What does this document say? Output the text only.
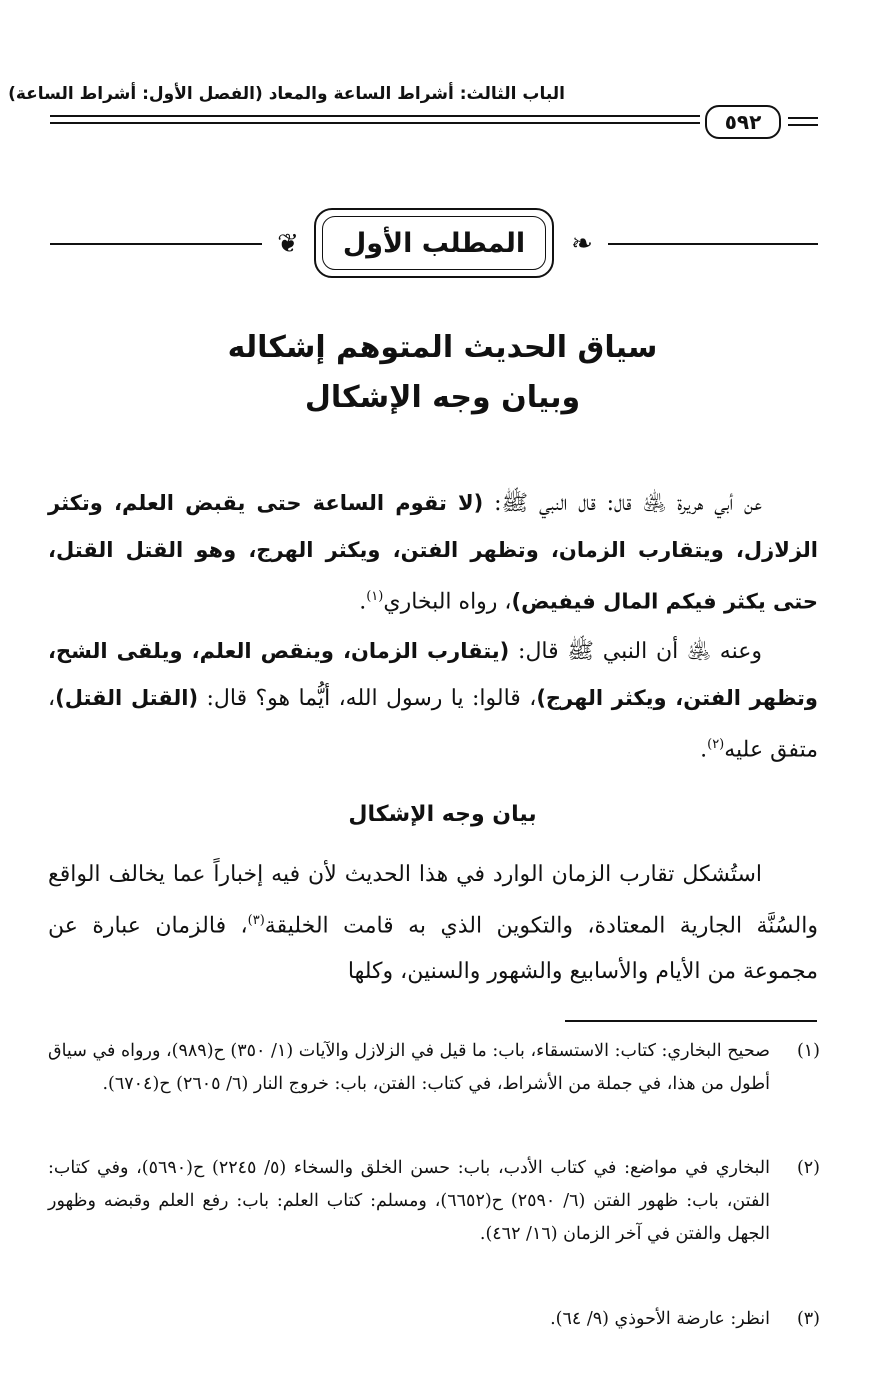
الباب الثالث: أشراط الساعة والمعاد (الفصل الأول: أشراط الساعة)
٥٩٢
❦	المطلب الأول	❧
سياق الحديث المتوهم إشكاله
وبيان وجه الإشكال
عن أبي هريرة ﵁ قال: قال النبي ﷺ: (لا تقوم الساعة حتى يقبض العلم، وتكثر الزلازل، ويتقارب الزمان، وتظهر الفتن، ويكثر الهرج، وهو القتل القتل، حتى يكثر فيكم المال فيفيض)، رواه البخاري$^{(١)}$.
وعنه ﵁ أن النبي ﷺ قال: (يتقارب الزمان، وينقص العلم، ويلقى الشح، وتظهر الفتن، ويكثر الهرج)، قالوا: يا رسول الله، أيُّما هو؟ قال: (القتل القتل)، متفق عليه$^{(٢)}$.
بيان وجه الإشكال
استُشكل تقارب الزمان الوارد في هذا الحديث لأن فيه إخباراً عما يخالف الواقع والسُنَّة الجارية المعتادة، والتكوين الذي به قامت الخليقة$^{(٣)}$، فالزمان عبارة عن مجموعة من الأيام والأسابيع والشهور والسنين، وكلها
(١)
صحيح البخاري: كتاب: الاستسقاء، باب: ما قيل في الزلازل والآيات (١/ ٣٥٠) ح(٩٨٩)، ورواه في سياق أطول من هذا، في جملة من الأشراط، في كتاب: الفتن، باب: خروج النار (٦/ ٢٦٠٥) ح(٦٧٠٤).
(٢)
البخاري في مواضع: في كتاب الأدب، باب: حسن الخلق والسخاء (٥/ ٢٢٤٥) ح(٥٦٩٠)، وفي كتاب: الفتن، باب: ظهور الفتن (٦/ ٢٥٩٠) ح(٦٦٥٢)، ومسلم: كتاب العلم: باب: رفع العلم وقبضه وظهور الجهل والفتن في آخر الزمان (١٦/ ٤٦٢).
(٣)
انظر: عارضة الأحوذي (٩/ ٦٤).
